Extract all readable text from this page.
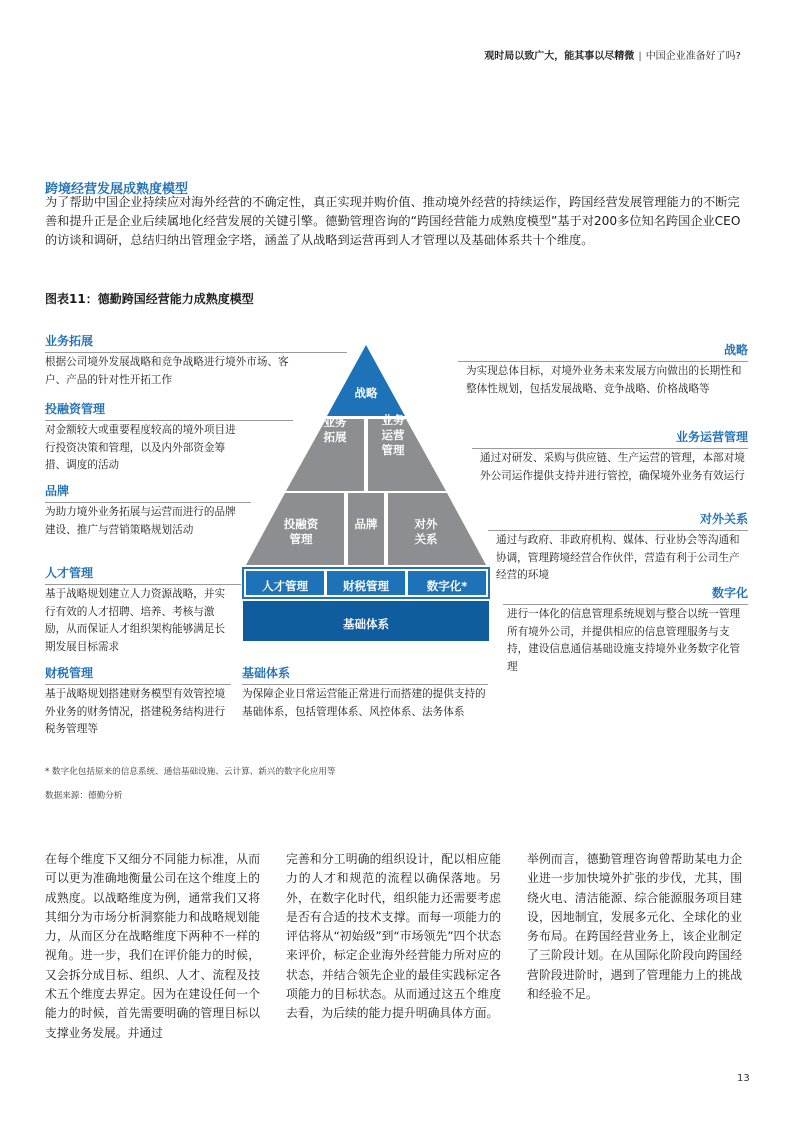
观时局以致广大，能其事以尽精微 | 中国企业准备好了吗?
跨境经营发展成熟度模型
为了帮助中国企业持续应对海外经营的不确定性，真正实现并购价值、推动境外经营的持续运作，跨国经营发展管理能力的不断完善和提升正是企业后续属地化经营发展的关键引擎。德勤管理咨询的“跨国经营能力成熟度模型”基于对200多位知名跨国企业CEO的访谈和调研，总结归纳出管理金字塔，涵盖了从战略到运营再到人才管理以及基础体系共十个维度。
图表11：德勤跨国经营能力成熟度模型
业务拓展
根据公司境外发展战略和竞争战略进行境外市场、客户、产品的针对性开拓工作
投融资管理
对金额较大或重要程度较高的境外项目进行投资决策和管理，以及内外部资金筹措、调度的活动
品牌
为助力境外业务拓展与运营而进行的品牌建设、推广与营销策略规划活动
人才管理
基于战略规划建立人力资源战略，并实行有效的人才招聘、培养、考核与激励，从而保证人才组织架构能够满足长期发展目标需求
财税管理
基于战略规划搭建财务模型有效管控境外业务的财务情况，搭建税务结构进行税务管理等
基础体系
为保障企业日常运营能正常进行而搭建的提供支持的基础体系，包括管理体系、风控体系、法务体系
战略
为实现总体目标，对境外业务未来发展方向做出的长期性和整体性规划，包括发展战略、竞争战略、价格战略等
业务运营管理
通过对研发、采购与供应链、生产运营的管理，本部对境外公司运作提供支持并进行管控，确保境外业务有效运行
对外关系
通过与政府、非政府机构、媒体、行业协会等沟通和协调，管理跨境经营合作伙伴，营造有利于公司生产经营的环境
数字化
进行一体化的信息管理系统规划与整合以统一管理所有境外公司，并提供相应的信息管理服务与支持，建设信息通信基础设施支持境外业务数字化管理
战略
业务
拓展
业务
运营
管理
投融资
管理
品牌	对外
关系
人才管理	财税管理	数字化*
基础体系
* 数字化包括原来的信息系统、通信基础设施、云计算、新兴的数字化应用等
数据来源：德勤分析
在每个维度下又细分不同能力标准，从而可以更为准确地衡量公司在这个维度上的成熟度。以战略维度为例，通常我们又将其细分为市场分析洞察能力和战略规划能力，从而区分在战略维度下两种不一样的视角。进一步，我们在评价能力的时候，又会拆分成目标、组织、人才、流程及技术五个维度去界定。因为在建设任何一个能力的时候，首先需要明确的管理目标以支撑业务发展。并通过
完善和分工明确的组织设计，配以相应能力的人才和规范的流程以确保落地。另外，在数字化时代，组织能力还需要考虑是否有合适的技术支撑。而每一项能力的评估将从“初始级”到“市场领先”四个状态来评价，标定企业海外经营能力所对应的状态，并结合领先企业的最佳实践标定各项能力的目标状态。从而通过这五个维度去看，为后续的能力提升明确具体方面。
举例而言，德勤管理咨询曾帮助某电力企业进一步加快境外扩张的步伐，尤其，围绕火电、清洁能源、综合能源服务项目建设，因地制宜，发展多元化、全球化的业务布局。在跨国经营业务上，该企业制定了三阶段计划。在从国际化阶段向跨国经营阶段进阶时，遇到了管理能力上的挑战和经验不足。
13
